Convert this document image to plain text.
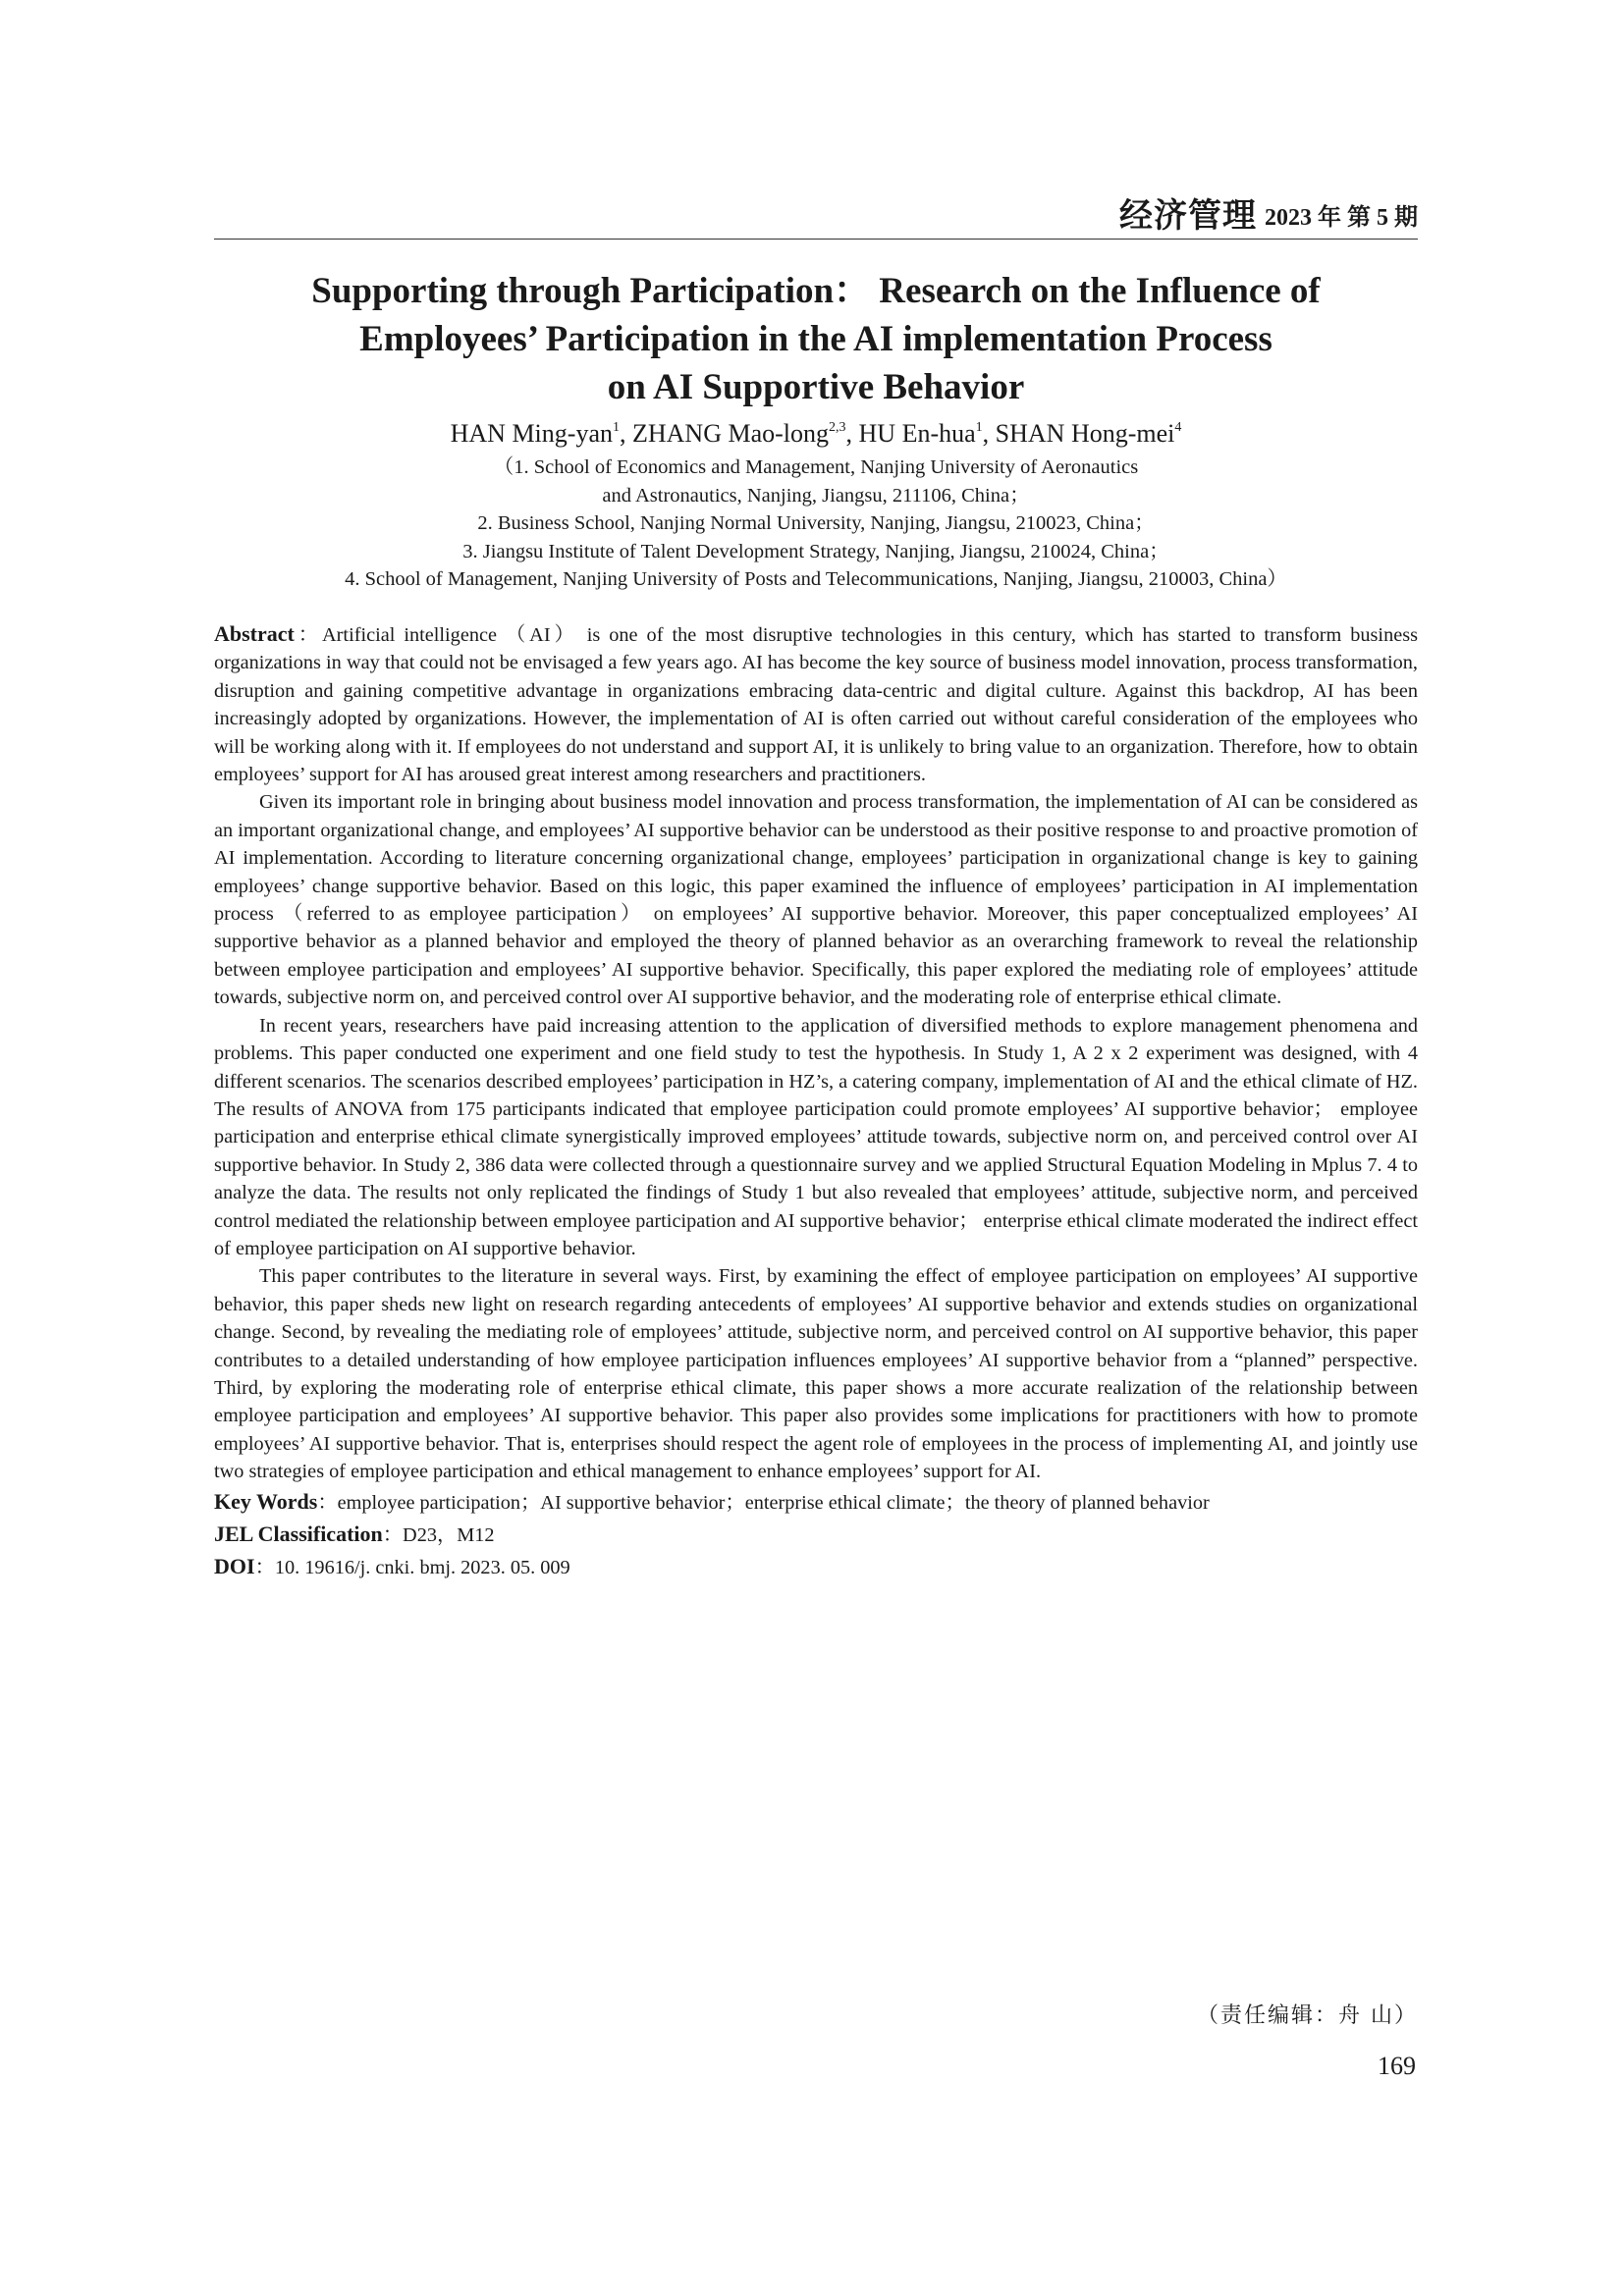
经济管理 2023 年 第 5 期
Supporting through Participation： Research on the Influence of
Employees’ Participation in the AI implementation Process
on AI Supportive Behavior
HAN Ming-yan$^1$, ZHANG Mao-long$^{2,3}$, HU En-hua$^1$, SHAN Hong-mei$^4$
（1. School of Economics and Management, Nanjing University of Aeronautics
and Astronautics, Nanjing, Jiangsu, 211106, China；
2. Business School, Nanjing Normal University, Nanjing, Jiangsu, 210023, China；
3. Jiangsu Institute of Talent Development Strategy, Nanjing, Jiangsu, 210024, China；
4. School of Management, Nanjing University of Posts and Telecommunications, Nanjing, Jiangsu, 210003, China）

Abstract：Artificial intelligence （AI） is one of the most disruptive technologies in this century, which has started to transform business organizations in way that could not be envisaged a few years ago. AI has become the key source of business model innovation, process transformation, disruption and gaining competitive advantage in organizations embracing data-centric and digital culture. Against this backdrop, AI has been increasingly adopted by organizations. However, the implementation of AI is often carried out without careful consideration of the employees who will be working along with it. If employees do not understand and support AI, it is unlikely to bring value to an organization. Therefore, how to obtain employees’ support for AI has aroused great interest among researchers and practitioners.

Given its important role in bringing about business model innovation and process transformation, the implementation of AI can be considered as an important organizational change, and employees’ AI supportive behavior can be understood as their positive response to and proactive promotion of AI implementation. According to literature concerning organizational change, employees’ participation in organizational change is key to gaining employees’ change supportive behavior. Based on this logic, this paper examined the influence of employees’ participation in AI implementation process （referred to as employee participation） on employees’ AI supportive behavior. Moreover, this paper conceptualized employees’ AI supportive behavior as a planned behavior and employed the theory of planned behavior as an overarching framework to reveal the relationship between employee participation and employees’ AI supportive behavior. Specifically, this paper explored the mediating role of employees’ attitude towards, subjective norm on, and perceived control over AI supportive behavior, and the moderating role of enterprise ethical climate.

In recent years, researchers have paid increasing attention to the application of diversified methods to explore management phenomena and problems. This paper conducted one experiment and one field study to test the hypothesis. In Study 1, A 2 x 2 experiment was designed, with 4 different scenarios. The scenarios described employees’ participation in HZ’s, a catering company, implementation of AI and the ethical climate of HZ. The results of ANOVA from 175 participants indicated that employee participation could promote employees’ AI supportive behavior； employee participation and enterprise ethical climate synergistically improved employees’ attitude towards, subjective norm on, and perceived control over AI supportive behavior. In Study 2, 386 data were collected through a questionnaire survey and we applied Structural Equation Modeling in Mplus 7. 4 to analyze the data. The results not only replicated the findings of Study 1 but also revealed that employees’ attitude, subjective norm, and perceived control mediated the relationship between employee participation and AI supportive behavior； enterprise ethical climate moderated the indirect effect of employee participation on AI supportive behavior.

This paper contributes to the literature in several ways. First, by examining the effect of employee participation on employees’ AI supportive behavior, this paper sheds new light on research regarding antecedents of employees’ AI supportive behavior and extends studies on organizational change. Second, by revealing the mediating role of employees’ attitude, subjective norm, and perceived control on AI supportive behavior, this paper contributes to a detailed understanding of how employee participation influences employees’ AI supportive behavior from a “planned” perspective. Third, by exploring the moderating role of enterprise ethical climate, this paper shows a more accurate realization of the relationship between employee participation and employees’ AI supportive behavior. This paper also provides some implications for practitioners with how to promote employees’ AI supportive behavior. That is, enterprises should respect the agent role of employees in the process of implementing AI, and jointly use two strategies of employee participation and ethical management to enhance employees’ support for AI.

Key Words：employee participation；AI supportive behavior；enterprise ethical climate；the theory of planned behavior
JEL Classification：D23，M12
DOI：10. 19616/j. cnki. bmj. 2023. 05. 009
（责任编辑：舟 山）
169
